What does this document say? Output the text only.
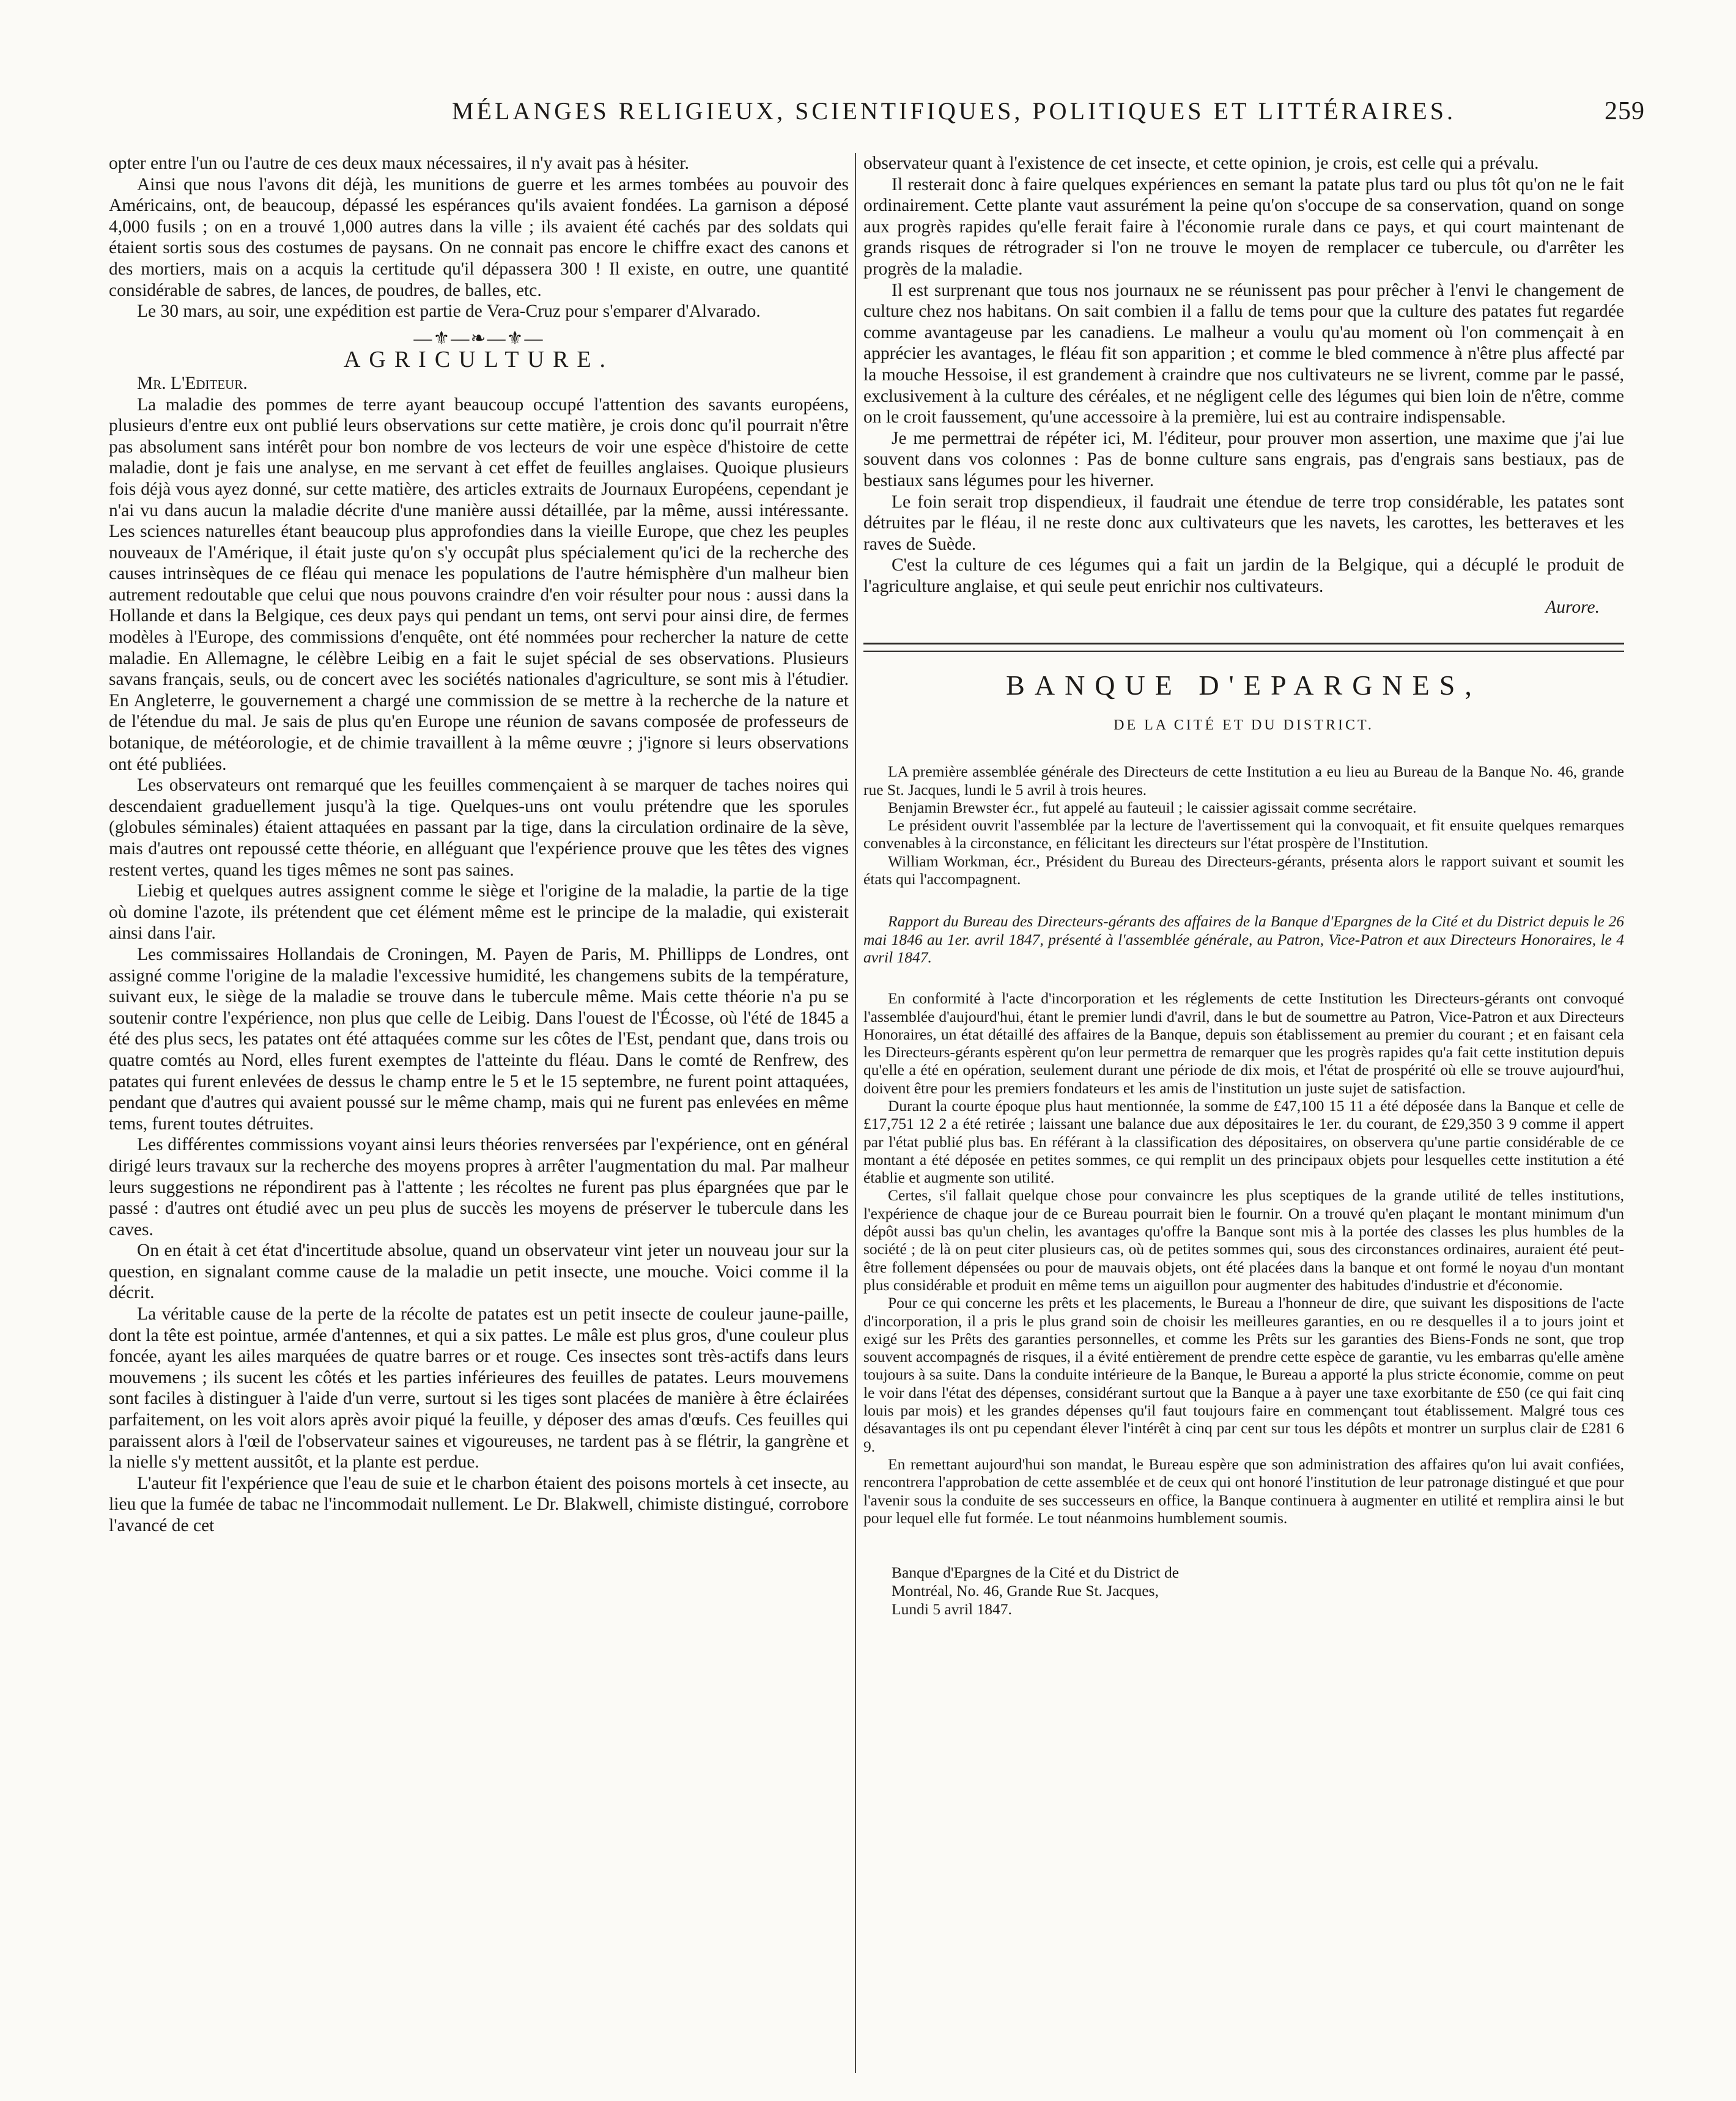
MÉLANGES RELIGIEUX, SCIENTIFIQUES, POLITIQUES ET LITTÉRAIRES.	259

opter entre l'un ou l'autre de ces deux maux nécessaires, il n'y avait pas à hésiter.

Ainsi que nous l'avons dit déjà, les munitions de guerre et les armes tombées au pouvoir des Américains, ont, de beaucoup, dépassé les espérances qu'ils avaient fondées. La garnison a déposé 4,000 fusils ; on en a trouvé 1,000 autres dans la ville ; ils avaient été cachés par des soldats qui étaient sortis sous des costumes de paysans. On ne connait pas encore le chiffre exact des canons et des mortiers, mais on a acquis la certitude qu'il dépassera 300 ! Il existe, en outre, une quantité considérable de sabres, de lances, de poudres, de balles, etc.

Le 30 mars, au soir, une expédition est partie de Vera-Cruz pour s'emparer d'Alvarado.

—⚜—❧—⚜—
AGRICULTURE.

Mr. L'Editeur.

La maladie des pommes de terre ayant beaucoup occupé l'attention des savants européens, plusieurs d'entre eux ont publié leurs observations sur cette matière, je crois donc qu'il pourrait n'être pas absolument sans intérêt pour bon nombre de vos lecteurs de voir une espèce d'histoire de cette maladie, dont je fais une analyse, en me servant à cet effet de feuilles anglaises. Quoique plusieurs fois déjà vous ayez donné, sur cette matière, des articles extraits de Journaux Européens, cependant je n'ai vu dans aucun la maladie décrite d'une manière aussi détaillée, par la même, aussi intéressante. Les sciences naturelles étant beaucoup plus approfondies dans la vieille Europe, que chez les peuples nouveaux de l'Amérique, il était juste qu'on s'y occupât plus spécialement qu'ici de la recherche des causes intrinsèques de ce fléau qui menace les populations de l'autre hémisphère d'un malheur bien autrement redoutable que celui que nous pouvons craindre d'en voir résulter pour nous : aussi dans la Hollande et dans la Belgique, ces deux pays qui pendant un tems, ont servi pour ainsi dire, de fermes modèles à l'Europe, des commissions d'enquête, ont été nommées pour rechercher la nature de cette maladie. En Allemagne, le célèbre Leibig en a fait le sujet spécial de ses observations. Plusieurs savans français, seuls, ou de concert avec les sociétés nationales d'agriculture, se sont mis à l'étudier. En Angleterre, le gouvernement a chargé une commission de se mettre à la recherche de la nature et de l'étendue du mal. Je sais de plus qu'en Europe une réunion de savans composée de professeurs de botanique, de météorologie, et de chimie travaillent à la même œuvre ; j'ignore si leurs observations ont été publiées.

Les observateurs ont remarqué que les feuilles commençaient à se marquer de taches noires qui descendaient graduellement jusqu'à la tige. Quelques-uns ont voulu prétendre que les sporules (globules séminales) étaient attaquées en passant par la tige, dans la circulation ordinaire de la sève, mais d'autres ont repoussé cette théorie, en alléguant que l'expérience prouve que les têtes des vignes restent vertes, quand les tiges mêmes ne sont pas saines.

Liebig et quelques autres assignent comme le siège et l'origine de la maladie, la partie de la tige où domine l'azote, ils prétendent que cet élément même est le principe de la maladie, qui existerait ainsi dans l'air.

Les commissaires Hollandais de Croningen, M. Payen de Paris, M. Phillipps de Londres, ont assigné comme l'origine de la maladie l'excessive humidité, les changemens subits de la température, suivant eux, le siège de la maladie se trouve dans le tubercule même. Mais cette théorie n'a pu se soutenir contre l'expérience, non plus que celle de Leibig. Dans l'ouest de l'Écosse, où l'été de 1845 a été des plus secs, les patates ont été attaquées comme sur les côtes de l'Est, pendant que, dans trois ou quatre comtés au Nord, elles furent exemptes de l'atteinte du fléau. Dans le comté de Renfrew, des patates qui furent enlevées de dessus le champ entre le 5 et le 15 septembre, ne furent point attaquées, pendant que d'autres qui avaient poussé sur le même champ, mais qui ne furent pas enlevées en même tems, furent toutes détruites.

Les différentes commissions voyant ainsi leurs théories renversées par l'expérience, ont en général dirigé leurs travaux sur la recherche des moyens propres à arrêter l'augmentation du mal. Par malheur leurs suggestions ne répondirent pas à l'attente ; les récoltes ne furent pas plus épargnées que par le passé : d'autres ont étudié avec un peu plus de succès les moyens de préserver le tubercule dans les caves.

On en était à cet état d'incertitude absolue, quand un observateur vint jeter un nouveau jour sur la question, en signalant comme cause de la maladie un petit insecte, une mouche. Voici comme il la décrit.

La véritable cause de la perte de la récolte de patates est un petit insecte de couleur jaune-paille, dont la tête est pointue, armée d'antennes, et qui a six pattes. Le mâle est plus gros, d'une couleur plus foncée, ayant les ailes marquées de quatre barres or et rouge. Ces insectes sont très-actifs dans leurs mouvemens ; ils sucent les côtés et les parties inférieures des feuilles de patates. Leurs mouvemens sont faciles à distinguer à l'aide d'un verre, surtout si les tiges sont placées de manière à être éclairées parfaitement, on les voit alors après avoir piqué la feuille, y déposer des amas d'œufs. Ces feuilles qui paraissent alors à l'œil de l'observateur saines et vigoureuses, ne tardent pas à se flétrir, la gangrène et la nielle s'y mettent aussitôt, et la plante est perdue.

L'auteur fit l'expérience que l'eau de suie et le charbon étaient des poisons mortels à cet insecte, au lieu que la fumée de tabac ne l'incommodait nullement. Le Dr. Blakwell, chimiste distingué, corrobore l'avancé de cet

observateur quant à l'existence de cet insecte, et cette opinion, je crois, est celle qui a prévalu.

Il resterait donc à faire quelques expériences en semant la patate plus tard ou plus tôt qu'on ne le fait ordinairement. Cette plante vaut assurément la peine qu'on s'occupe de sa conservation, quand on songe aux progrès rapides qu'elle ferait faire à l'économie rurale dans ce pays, et qui court maintenant de grands risques de rétrograder si l'on ne trouve le moyen de remplacer ce tubercule, ou d'arrêter les progrès de la maladie.

Il est surprenant que tous nos journaux ne se réunissent pas pour prêcher à l'envi le changement de culture chez nos habitans. On sait combien il a fallu de tems pour que la culture des patates fut regardée comme avantageuse par les canadiens. Le malheur a voulu qu'au moment où l'on commençait à en apprécier les avantages, le fléau fit son apparition ; et comme le bled commence à n'être plus affecté par la mouche Hessoise, il est grandement à craindre que nos cultivateurs ne se livrent, comme par le passé, exclusivement à la culture des céréales, et ne négligent celle des légumes qui bien loin de n'être, comme on le croit faussement, qu'une accessoire à la première, lui est au contraire indispensable.

Je me permettrai de répéter ici, M. l'éditeur, pour prouver mon assertion, une maxime que j'ai lue souvent dans vos colonnes : Pas de bonne culture sans engrais, pas d'engrais sans bestiaux, pas de bestiaux sans légumes pour les hiverner.

Le foin serait trop dispendieux, il faudrait une étendue de terre trop considérable, les patates sont détruites par le fléau, il ne reste donc aux cultivateurs que les navets, les carottes, les betteraves et les raves de Suède.

C'est la culture de ces légumes qui a fait un jardin de la Belgique, qui a décuplé le produit de l'agriculture anglaise, et qui seule peut enrichir nos cultivateurs.

Aurore.
BANQUE D'EPARGNES,
DE LA CITÉ ET DU DISTRICT.

LA première assemblée générale des Directeurs de cette Institution a eu lieu au Bureau de la Banque No. 46, grande rue St. Jacques, lundi le 5 avril à trois heures.

Benjamin Brewster écr., fut appelé au fauteuil ; le caissier agissait comme secrétaire.

Le président ouvrit l'assemblée par la lecture de l'avertissement qui la convoquait, et fit ensuite quelques remarques convenables à la circonstance, en félicitant les directeurs sur l'état prospère de l'Institution.

William Workman, écr., Président du Bureau des Directeurs-gérants, présenta alors le rapport suivant et soumit les états qui l'accompagnent.

Rapport du Bureau des Directeurs-gérants des affaires de la Banque d'Epargnes de la Cité et du District depuis le 26 mai 1846 au 1er. avril 1847, présenté à l'assemblée générale, au Patron, Vice-Patron et aux Directeurs Honoraires, le 4 avril 1847.

En conformité à l'acte d'incorporation et les réglements de cette Institution les Directeurs-gérants ont convoqué l'assemblée d'aujourd'hui, étant le premier lundi d'avril, dans le but de soumettre au Patron, Vice-Patron et aux Directeurs Honoraires, un état détaillé des affaires de la Banque, depuis son établissement au premier du courant ; et en faisant cela les Directeurs-gérants espèrent qu'on leur permettra de remarquer que les progrès rapides qu'a fait cette institution depuis qu'elle a été en opération, seulement durant une période de dix mois, et l'état de prospérité où elle se trouve aujourd'hui, doivent être pour les premiers fondateurs et les amis de l'institution un juste sujet de satisfaction.

Durant la courte époque plus haut mentionnée, la somme de £47,100 15 11 a été déposée dans la Banque et celle de £17,751 12 2 a été retirée ; laissant une balance due aux dépositaires le 1er. du courant, de £29,350 3 9 comme il appert par l'état publié plus bas. En référant à la classification des dépositaires, on observera qu'une partie considérable de ce montant a été déposée en petites sommes, ce qui remplit un des principaux objets pour lesquelles cette institution a été établie et augmente son utilité.

Certes, s'il fallait quelque chose pour convaincre les plus sceptiques de la grande utilité de telles institutions, l'expérience de chaque jour de ce Bureau pourrait bien le fournir. On a trouvé qu'en plaçant le montant minimum d'un dépôt aussi bas qu'un chelin, les avantages qu'offre la Banque sont mis à la portée des classes les plus humbles de la société ; de là on peut citer plusieurs cas, où de petites sommes qui, sous des circonstances ordinaires, auraient été peut-être follement dépensées ou pour de mauvais objets, ont été placées dans la banque et ont formé le noyau d'un montant plus considérable et produit en même tems un aiguillon pour augmenter des habitudes d'industrie et d'économie.

Pour ce qui concerne les prêts et les placements, le Bureau a l'honneur de dire, que suivant les dispositions de l'acte d'incorporation, il a pris le plus grand soin de choisir les meilleures garanties, en ou re desquelles il a to jours joint et exigé sur les Prêts des garanties personnelles, et comme les Prêts sur les garanties des Biens-Fonds ne sont, que trop souvent accompagnés de risques, il a évité entièrement de prendre cette espèce de garantie, vu les embarras qu'elle amène toujours à sa suite. Dans la conduite intérieure de la Banque, le Bureau a apporté la plus stricte économie, comme on peut le voir dans l'état des dépenses, considérant surtout que la Banque a à payer une taxe exorbitante de £50 (ce qui fait cinq louis par mois) et les grandes dépenses qu'il faut toujours faire en commençant tout établissement. Malgré tous ces désavantages ils ont pu cependant élever l'intérêt à cinq par cent sur tous les dépôts et montrer un surplus clair de £281 6 9.

En remettant aujourd'hui son mandat, le Bureau espère que son administration des affaires qu'on lui avait confiées, rencontrera l'approbation de cette assemblée et de ceux qui ont honoré l'institution de leur patronage distingué et que pour l'avenir sous la conduite de ses successeurs en office, la Banque continuera à augmenter en utilité et remplira ainsi le but pour lequel elle fut formée. Le tout néanmoins humblement soumis.

Banque d'Epargnes de la Cité et du District de
Montréal, No. 46, Grande Rue St. Jacques,
Lundi 5 avril 1847.
